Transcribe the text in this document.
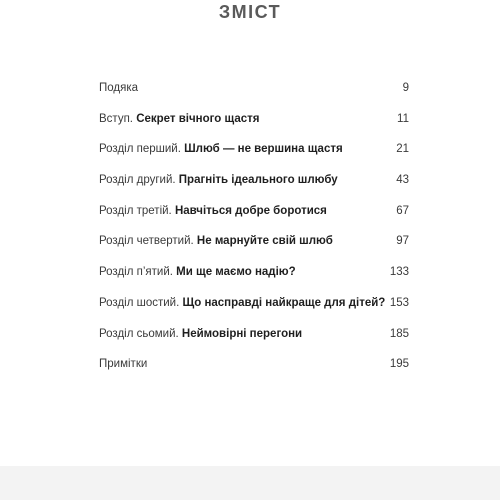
ЗМІСТ
Подяка	9
Вступ. Секрет вічного щастя	11
Розділ перший. Шлюб — не вершина щастя	21
Розділ другий. Прагніть ідеального шлюбу	43
Розділ третій. Навчіться добре боротися	67
Розділ четвертий. Не марнуйте свій шлюб	97
Розділ п’ятий. Ми ще маємо надію?	133
Розділ шостий. Що насправді найкраще для дітей? 153
Розділ сьомий. Неймовірні перегони	185
Примітки	195
